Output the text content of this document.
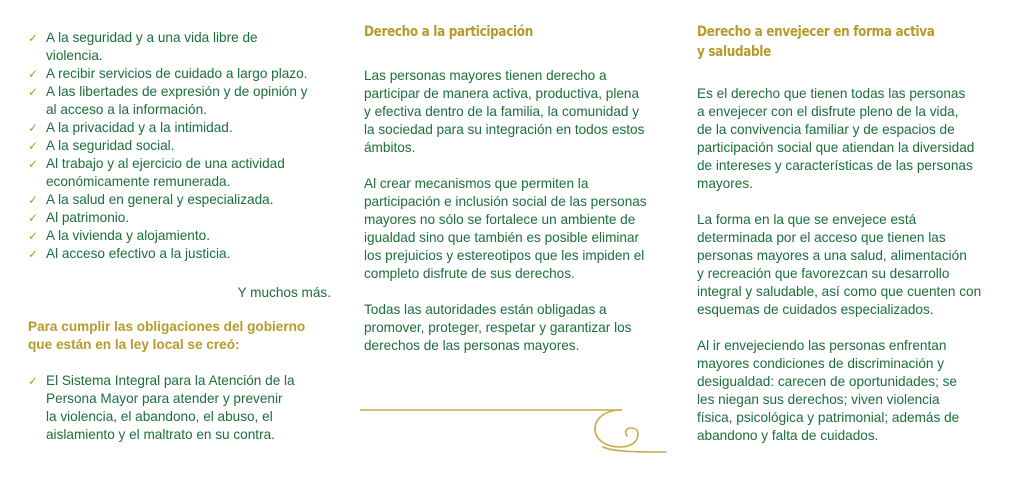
✓ A la seguridad y a una vida libre de
violencia.
✓ A recibir servicios de cuidado a largo plazo.
✓ A las libertades de expresión y de opinión y
al acceso a la información.
✓ A la privacidad y a la intimidad.
✓ A la seguridad social.
✓ Al trabajo y al ejercicio de una actividad
económicamente remunerada.
✓ A la salud en general y especializada.
✓ Al patrimonio.
✓ A la vivienda y alojamiento.
✓ Al acceso efectivo a la justicia.
Y muchos más.
Para cumplir las obligaciones del gobierno
que están en la ley local se creó:
✓ El Sistema Integral para la Atención de la
Persona Mayor para atender y prevenir
la violencia, el abandono, el abuso, el
aislamiento y el maltrato en su contra.
Derecho a la participación

Las personas mayores tienen derecho a
participar de manera activa, productiva, plena
y efectiva dentro de la familia, la comunidad y
la sociedad para su integración en todos estos
ámbitos.

Al crear mecanismos que permiten la
participación e inclusión social de las personas
mayores no sólo se fortalece un ambiente de
igualdad sino que también es posible eliminar
los prejuicios y estereotipos que les impiden el
completo disfrute de sus derechos.

Todas las autoridades están obligadas a
promover, proteger, respetar y garantizar los
derechos de las personas mayores.

Derecho a envejecer en forma activa
y saludable

Es el derecho que tienen todas las personas
a envejecer con el disfrute pleno de la vida,
de la convivencia familiar y de espacios de
participación social que atiendan la diversidad
de intereses y características de las personas
mayores.

La forma en la que se envejece está
determinada por el acceso que tienen las
personas mayores a una salud, alimentación
y recreación que favorezcan su desarrollo
integral y saludable, así como que cuenten con
esquemas de cuidados especializados.

Al ir envejeciendo las personas enfrentan
mayores condiciones de discriminación y
desigualdad: carecen de oportunidades; se
les niegan sus derechos; viven violencia
física, psicológica y patrimonial; además de
abandono y falta de cuidados.
